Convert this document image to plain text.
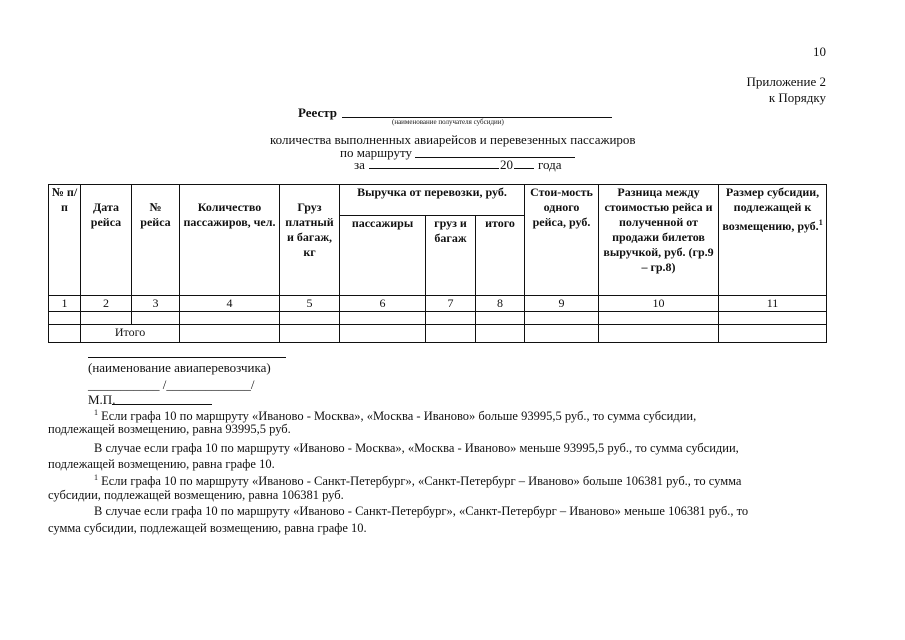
10
Приложение 2
к Порядку
Реестр
(наименование получателя субсидии)
количества выполненных авиарейсов и перевезенных пассажиров
по маршруту
за	20 года
№ п/п	Дата рейса	№ рейса	Количество пассажиров, чел.	Груз платный и багаж, кг	Выручка от перевозки, руб.			Стои-мость одного рейса, руб.	Разница между стоимостью рейса и полученной от продажи билетов выручкой, руб. (гр.9 – гр.8)	Размер субсидии, подлежащей к возмещению, руб.$^1$
					пассажиры	груз и багаж	итого			
1	2	3	4	5	6	7	8	9	10	11

	Итого									
(наименование авиаперевозчика)
___________ /_____________/
М.П.
$^1$ Если графа 10 по маршруту «Иваново - Москва», «Москва - Иваново» больше 93995,5 руб., то сумма субсидии,
подлежащей возмещению, равна 93995,5 руб.
В случае если графа 10 по маршруту «Иваново - Москва», «Москва - Иваново» меньше 93995,5 руб., то сумма субсидии,
подлежащей возмещению, равна графе 10.
$^1$ Если графа 10 по маршруту «Иваново - Санкт-Петербург», «Санкт-Петербург – Иваново» больше 106381 руб., то сумма
субсидии, подлежащей возмещению, равна 106381 руб.
В случае если графа 10 по маршруту «Иваново - Санкт-Петербург», «Санкт-Петербург – Иваново» меньше 106381 руб., то
сумма субсидии, подлежащей возмещению, равна графе 10.
